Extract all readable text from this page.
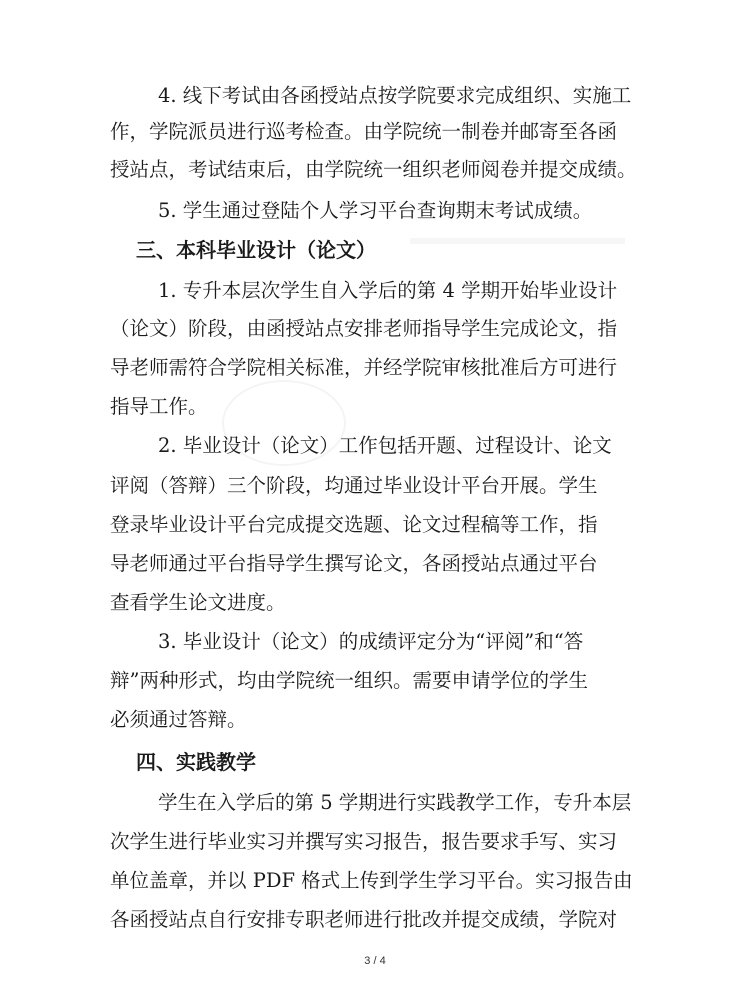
4. 线下考试由各函授站点按学院要求完成组织、实施工

作，学院派员进行巡考检查。由学院统一制卷并邮寄至各函

授站点，考试结束后，由学院统一组织老师阅卷并提交成绩。

5. 学生通过登陆个人学习平台查询期末考试成绩。

三、本科毕业设计（论文）

1. 专升本层次学生自入学后的第 4 学期开始毕业设计

（论文）阶段，由函授站点安排老师指导学生完成论文，指

导老师需符合学院相关标准，并经学院审核批准后方可进行

指导工作。

2. 毕业设计（论文）工作包括开题、过程设计、论文

评阅（答辩）三个阶段，均通过毕业设计平台开展。学生

登录毕业设计平台完成提交选题、论文过程稿等工作，指

导老师通过平台指导学生撰写论文，各函授站点通过平台

查看学生论文进度。

3. 毕业设计（论文）的成绩评定分为“评阅”和“答

辩”两种形式，均由学院统一组织。需要申请学位的学生

必须通过答辩。

四、实践教学

学生在入学后的第 5 学期进行实践教学工作，专升本层

次学生进行毕业实习并撰写实习报告，报告要求手写、实习

单位盖章，并以 PDF 格式上传到学生学习平台。实习报告由

各函授站点自行安排专职老师进行批改并提交成绩，学院对

3 / 4
